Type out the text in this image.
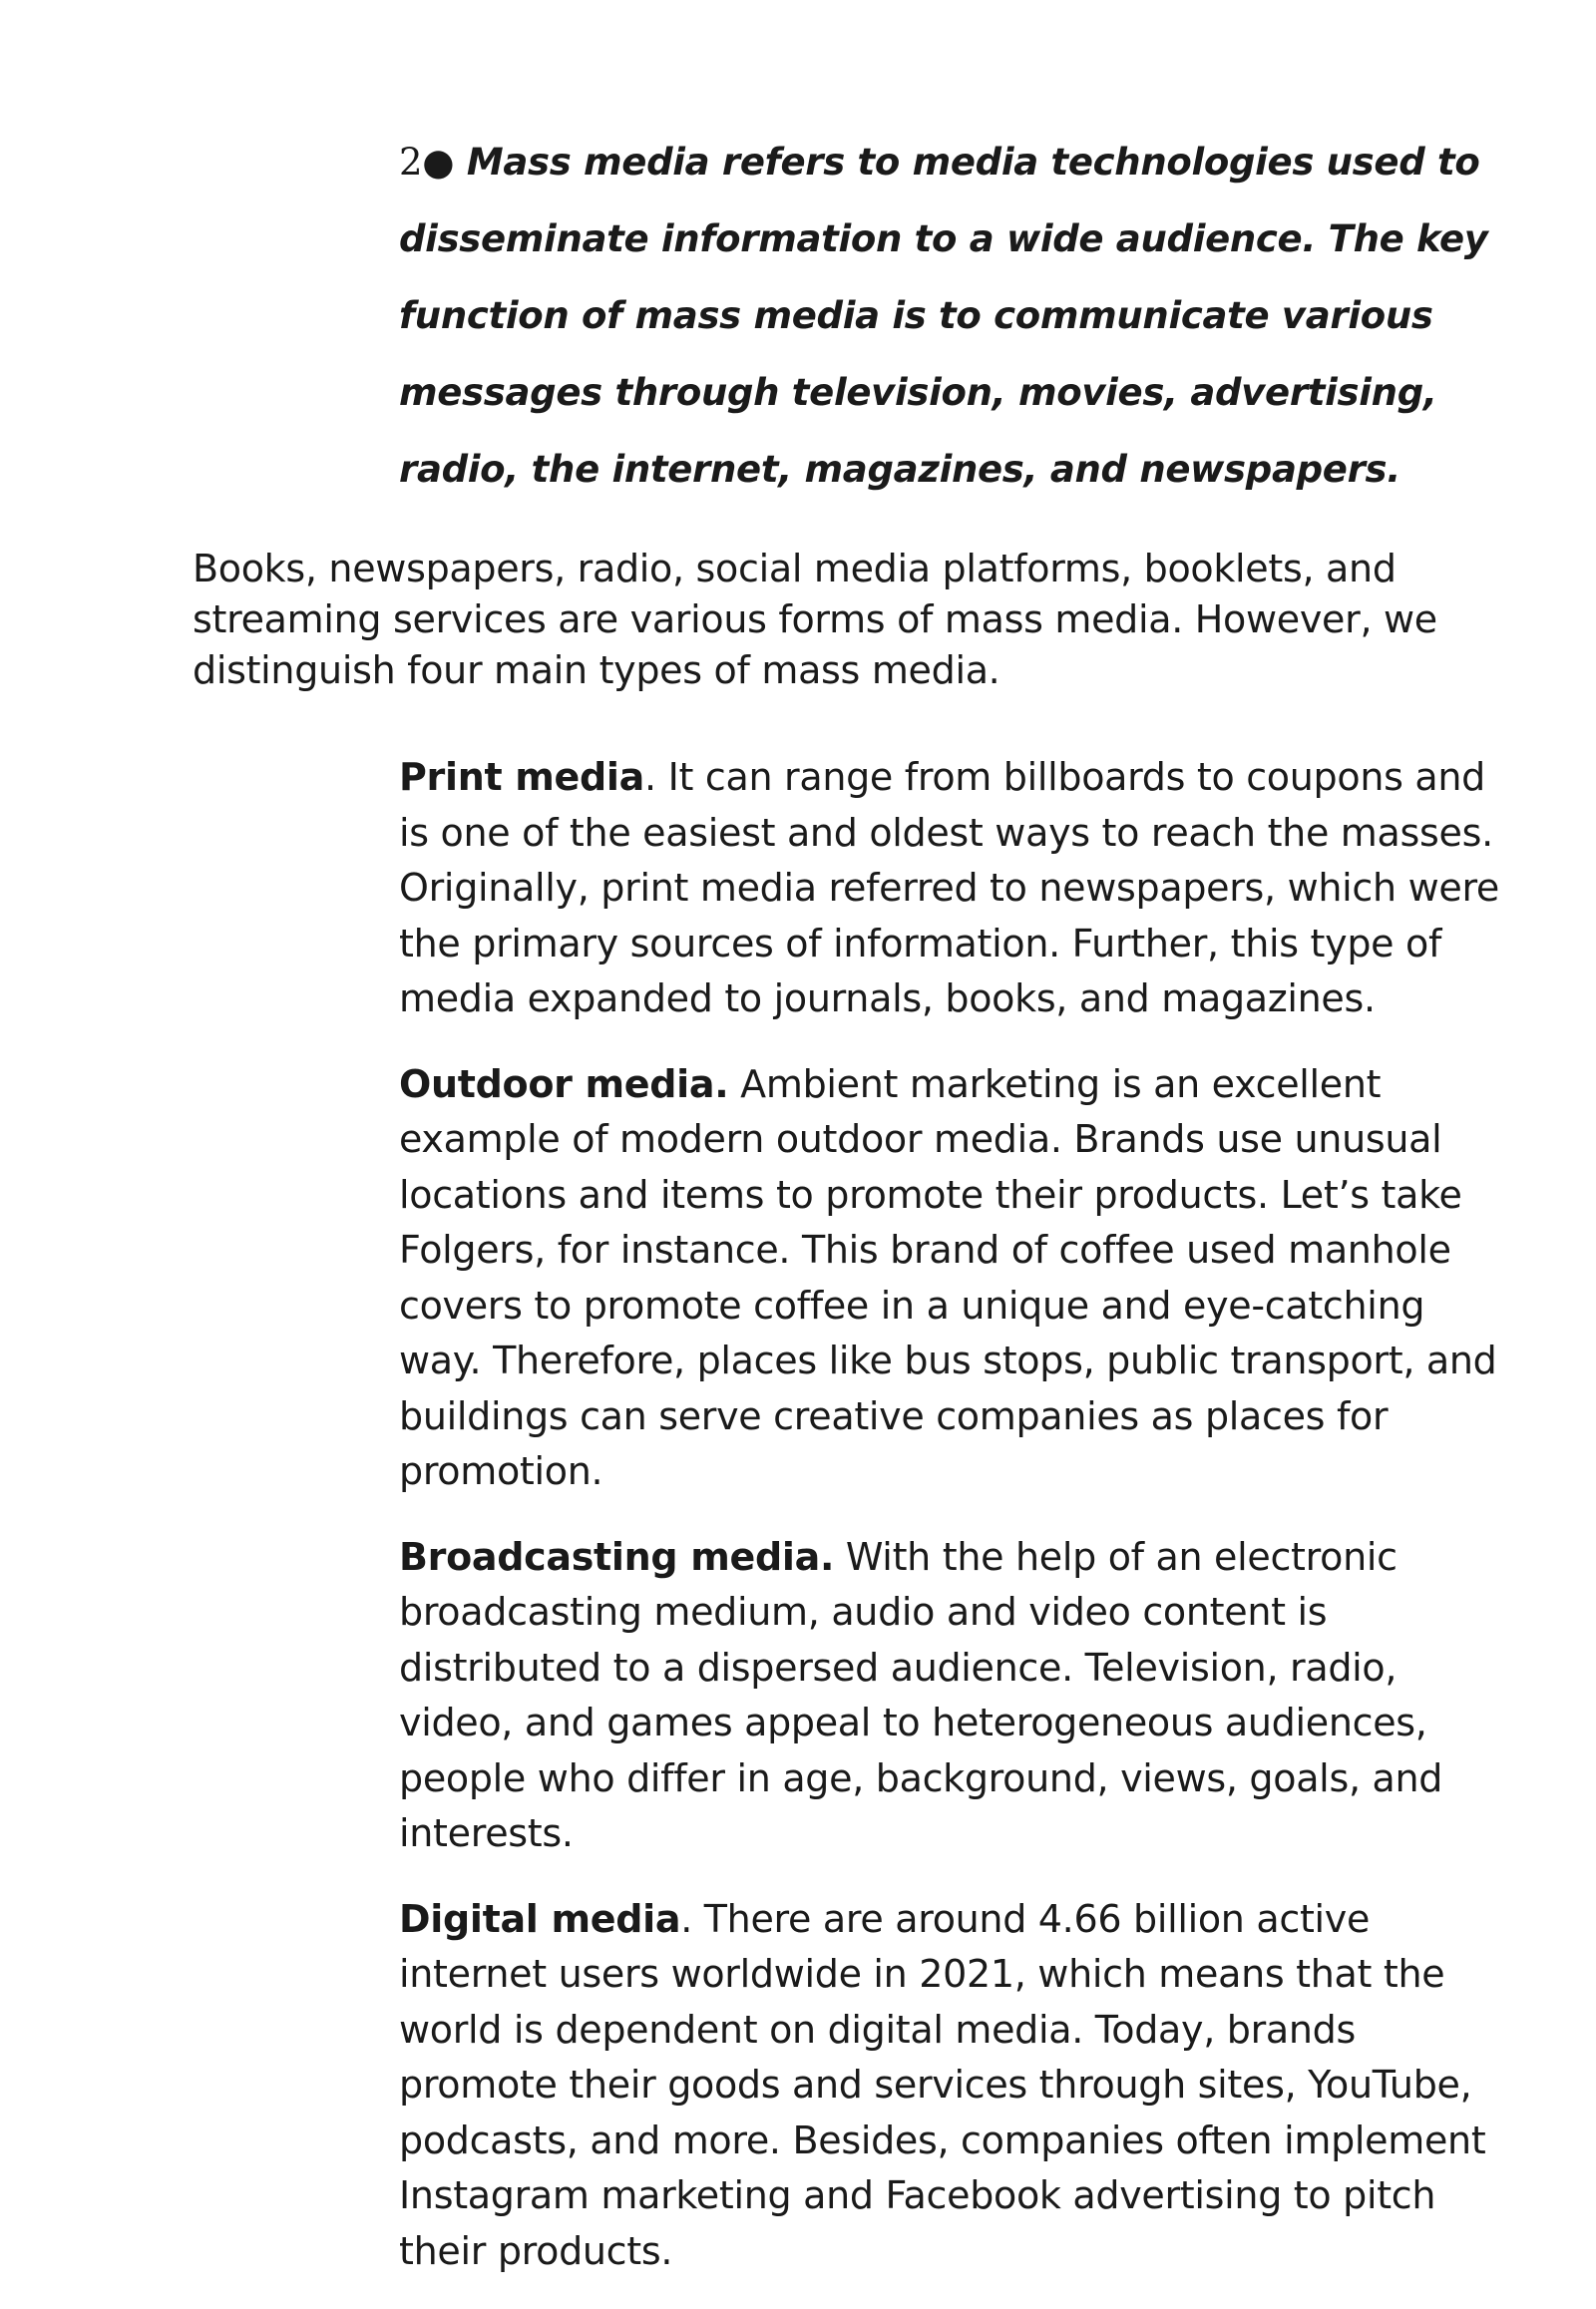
2● Mass media refers to media technologies used to disseminate information to a wide audience. The key function of mass media is to communicate various messages through television, movies, advertising, radio, the internet, magazines, and newspapers.

Books, newspapers, radio, social media platforms, booklets, and streaming services are various forms of mass media. However, we distinguish four main types of mass media.

Print media. It can range from billboards to coupons and is one of the easiest and oldest ways to reach the masses. Originally, print media referred to newspapers, which were the primary sources of information. Further, this type of media expanded to journals, books, and magazines.

Outdoor media. Ambient marketing is an excellent example of modern outdoor media. Brands use unusual locations and items to promote their products. Let’s take Folgers, for instance. This brand of coffee used manhole covers to promote coffee in a unique and eye-catching way. Therefore, places like bus stops, public transport, and buildings can serve creative companies as places for promotion.

Broadcasting media. With the help of an electronic broadcasting medium, audio and video content is distributed to a dispersed audience. Television, radio, video, and games appeal to heterogeneous audiences, people who differ in age, background, views, goals, and interests.

Digital media. There are around 4.66 billion active internet users worldwide in 2021, which means that the world is dependent on digital media. Today, brands promote their goods and services through sites, YouTube, podcasts, and more. Besides, companies often implement Instagram marketing and Facebook advertising to pitch their products.
